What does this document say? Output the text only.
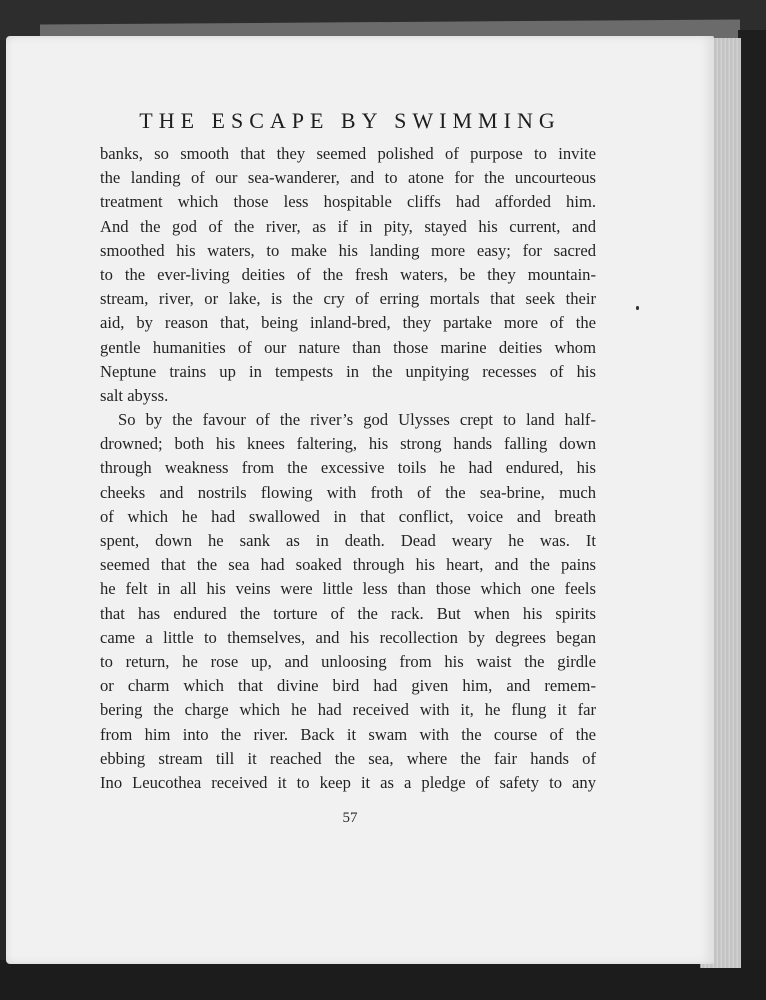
THE ESCAPE BY SWIMMING
banks, so smooth that they seemed polished of purpose to invite
the landing of our sea-wanderer, and to atone for the uncourteous
treatment which those less hospitable cliffs had afforded him.
And the god of the river, as if in pity, stayed his current, and
smoothed his waters, to make his landing more easy; for sacred
to the ever-living deities of the fresh waters, be they mountain-
stream, river, or lake, is the cry of erring mortals that seek their
aid, by reason that, being inland-bred, they partake more of the
gentle humanities of our nature than those marine deities whom
Neptune trains up in tempests in the unpitying recesses of his
salt abyss.
So by the favour of the river’s god Ulysses crept to land half-
drowned; both his knees faltering, his strong hands falling down
through weakness from the excessive toils he had endured, his
cheeks and nostrils flowing with froth of the sea-brine, much
of which he had swallowed in that conflict, voice and breath
spent, down he sank as in death. Dead weary he was. It
seemed that the sea had soaked through his heart, and the pains
he felt in all his veins were little less than those which one feels
that has endured the torture of the rack. But when his spirits
came a little to themselves, and his recollection by degrees began
to return, he rose up, and unloosing from his waist the girdle
or charm which that divine bird had given him, and remem-
bering the charge which he had received with it, he flung it far
from him into the river. Back it swam with the course of the
ebbing stream till it reached the sea, where the fair hands of
Ino Leucothea received it to keep it as a pledge of safety to any
57
